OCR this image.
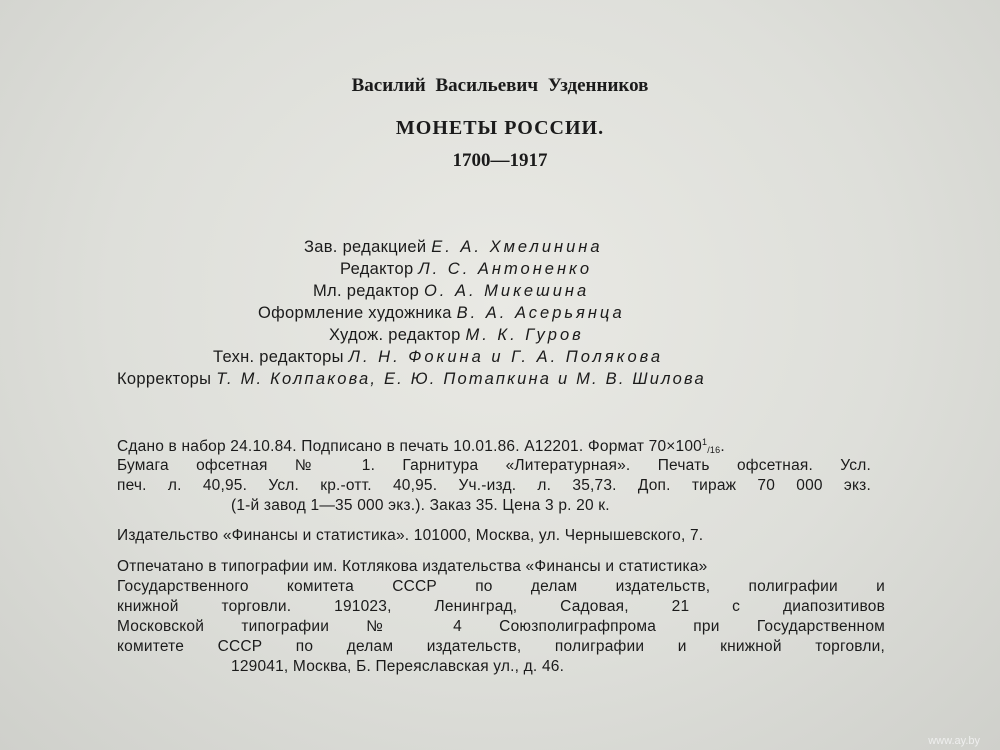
Василий Васильевич Узденников
МОНЕТЫ РОССИИ.
1700—1917
Зав. редакцией Е. А. Хмелинина
Редактор Л. С. Антоненко
Мл. редактор О. А. Микешина
Оформление художника В. А. Асерьянца
Худож. редактор М. К. Гуров
Техн. редакторы Л. Н. Фокина и Г. А. Полякова
Корректоры Т. М. Колпакова, Е. Ю. Потапкина и М. В. Шилова
Сдано в набор 24.10.84. Подписано в печать 10.01.86. А12201. Формат $70\times 100^1_{/16}$.
Бумага офсетная № 1. Гарнитура «Литературная». Печать офсетная. Усл.
печ. л. 40,95. Усл. кр.-отт. 40,95. Уч.-изд. л. 35,73. Доп. тираж 70 000 экз.
(1-й завод 1—35 000 экз.). Заказ 35. Цена 3 р. 20 к.
Издательство «Финансы и статистика». 101000, Москва, ул. Чернышевского, 7.
Отпечатано в типографии им. Котлякова издательства «Финансы и статистика»
Государственного комитета СССР по делам издательств, полиграфии и
книжной торговли. 191023, Ленинград, Садовая, 21 с диапозитивов
Московской типографии № 4 Союзполиграфпрома при Государственном
комитете СССР по делам издательств, полиграфии и книжной торговли,
129041, Москва, Б. Переяславская ул., д. 46.
www.ay.by
